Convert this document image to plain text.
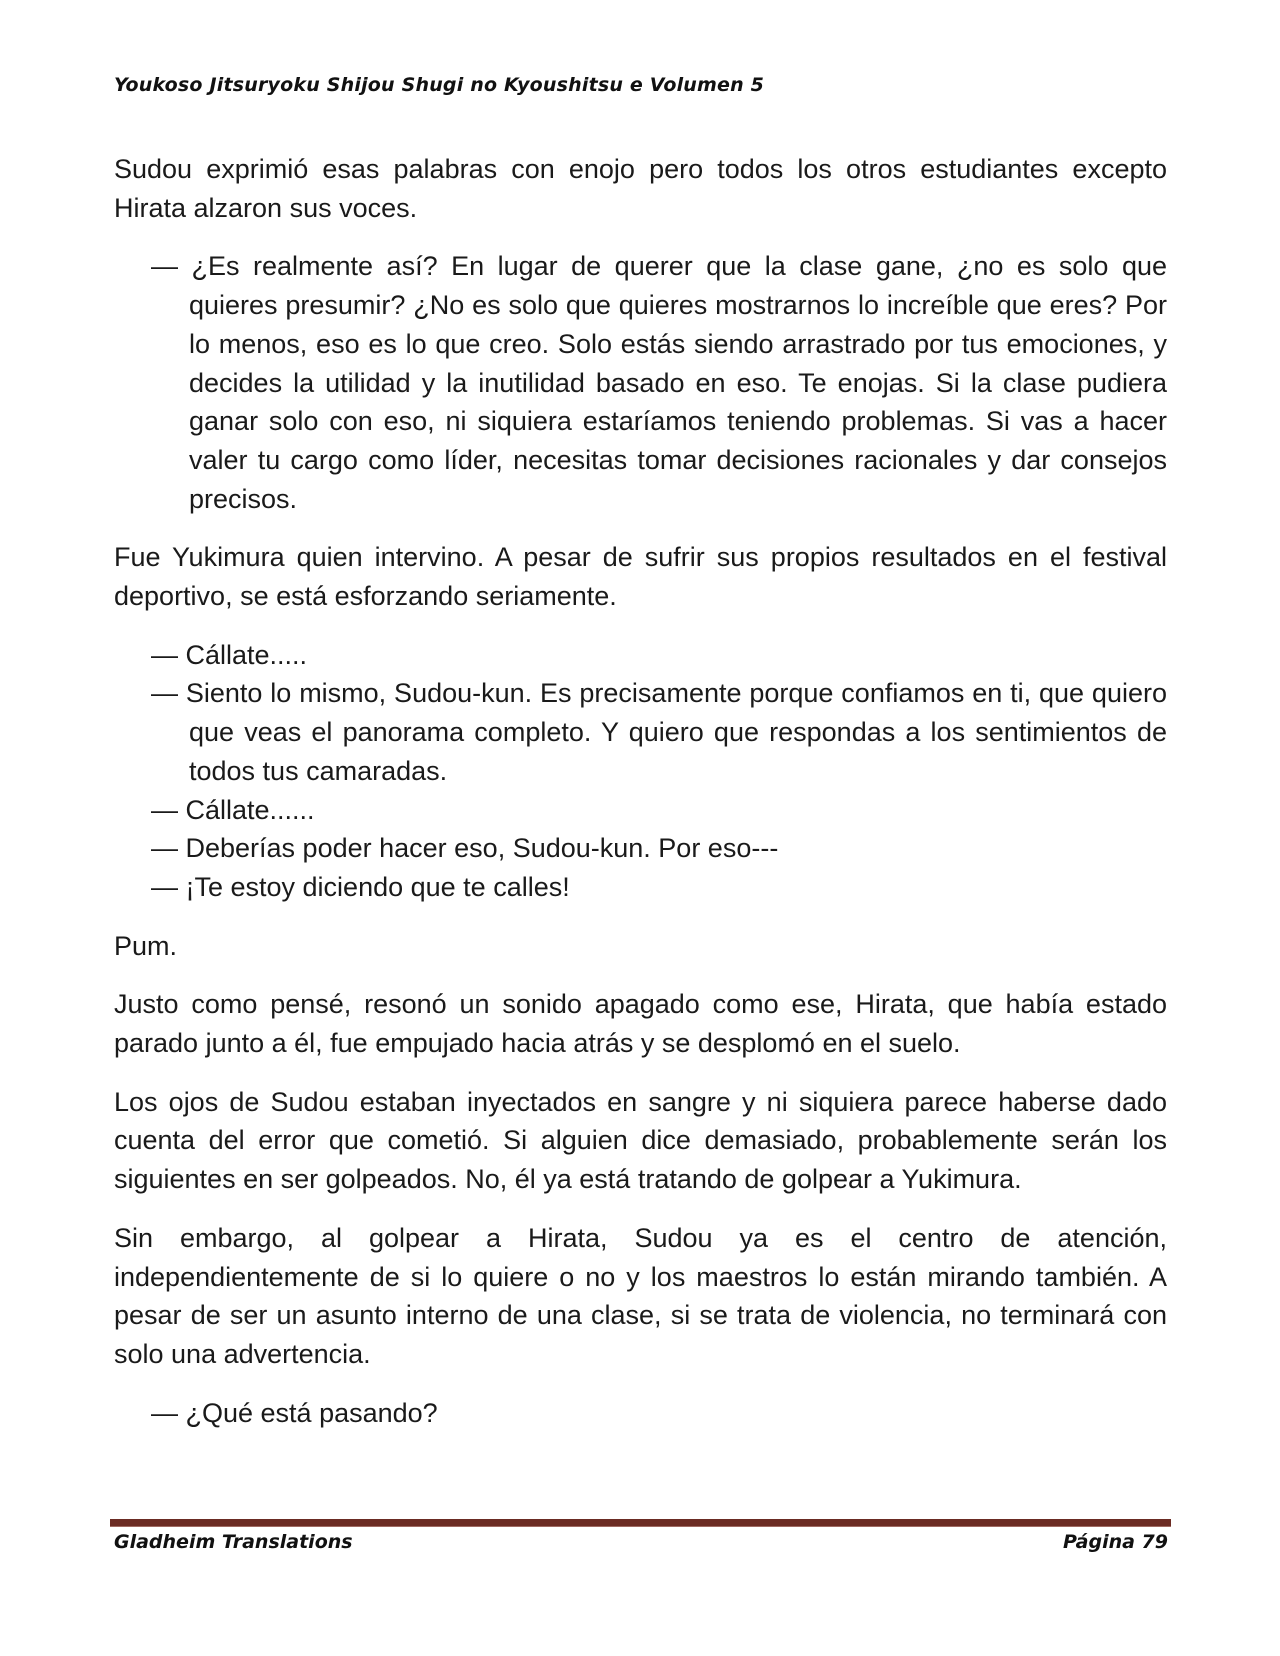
Youkoso Jitsuryoku Shijou Shugi no Kyoushitsu e Volumen 5

Sudou exprimió esas palabras con enojo pero todos los otros estudiantes excepto Hirata alzaron sus voces.

— ¿Es realmente así? En lugar de querer que la clase gane, ¿no es solo que quieres presumir? ¿No es solo que quieres mostrarnos lo increíble que eres? Por lo menos, eso es lo que creo. Solo estás siendo arrastrado por tus emociones, y decides la utilidad y la inutilidad basado en eso. Te enojas. Si la clase pudiera ganar solo con eso, ni siquiera estaríamos teniendo problemas. Si vas a hacer valer tu cargo como líder, necesitas tomar decisiones racionales y dar consejos precisos.

Fue Yukimura quien intervino. A pesar de sufrir sus propios resultados en el festival deportivo, se está esforzando seriamente.

— Cállate.....

— Siento lo mismo, Sudou-kun. Es precisamente porque confiamos en ti, que quiero que veas el panorama completo. Y quiero que respondas a los sentimientos de todos tus camaradas.

— Cállate......

— Deberías poder hacer eso, Sudou-kun. Por eso---

— ¡Te estoy diciendo que te calles!

Pum.

Justo como pensé, resonó un sonido apagado como ese, Hirata, que había estado parado junto a él, fue empujado hacia atrás y se desplomó en el suelo.

Los ojos de Sudou estaban inyectados en sangre y ni siquiera parece haberse dado cuenta del error que cometió. Si alguien dice demasiado, probablemente serán los siguientes en ser golpeados. No, él ya está tratando de golpear a Yukimura.

Sin embargo, al golpear a Hirata, Sudou ya es el centro de atención, independientemente de si lo quiere o no y los maestros lo están mirando también. A pesar de ser un asunto interno de una clase, si se trata de violencia, no terminará con solo una advertencia.

— ¿Qué está pasando?

Gladheim Translations	Página 79
